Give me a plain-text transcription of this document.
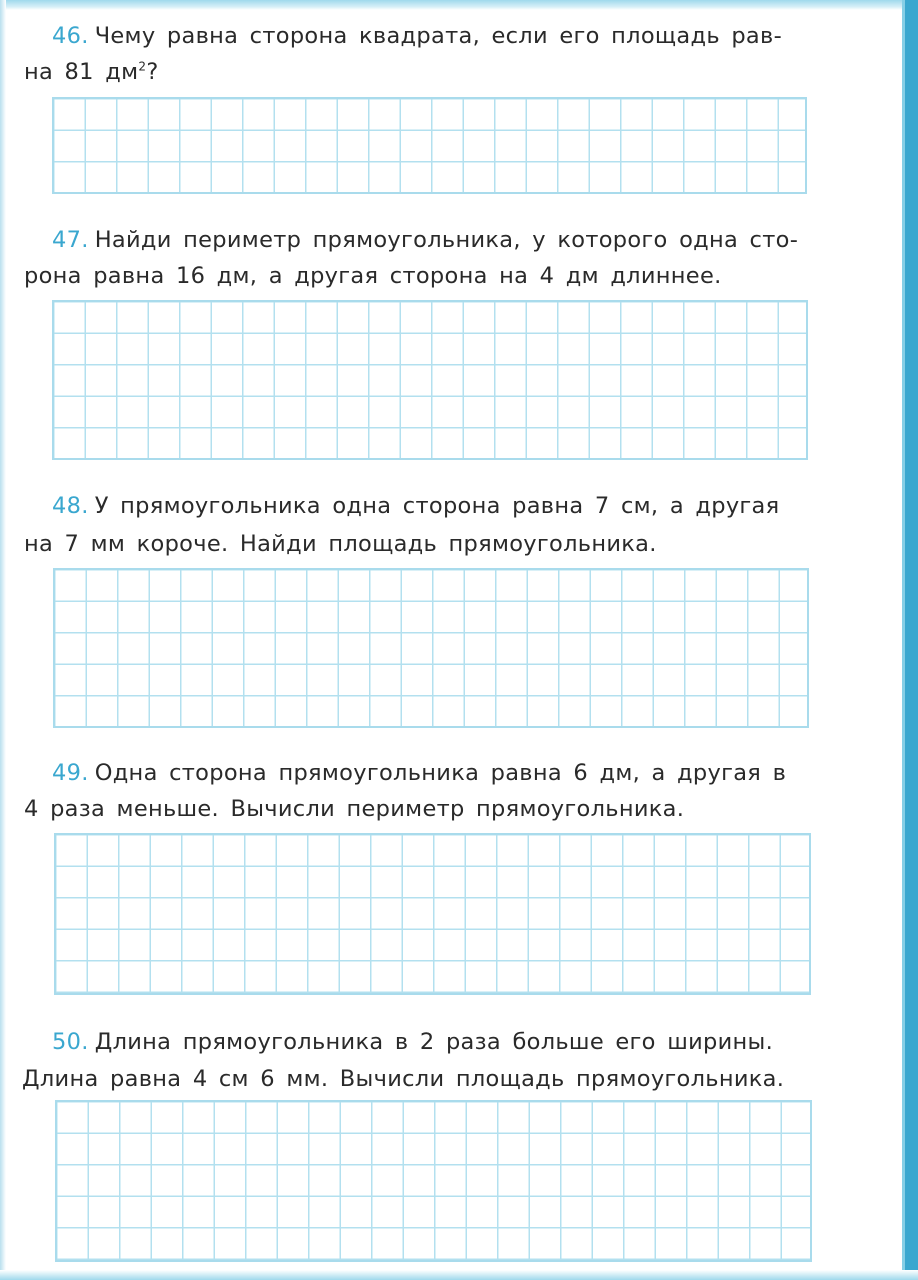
46. Чему равна сторона квадрата, если его площадь рав-

на 81 $дм^2$?

47. Найди периметр прямоугольника, у которого одна сто-

рона равна 16 дм, а другая сторона на 4 дм длиннее.

48. У прямоугольника одна сторона равна 7 см, а другая

на 7 мм короче. Найди площадь прямоугольника.

49. Одна сторона прямоугольника равна 6 дм, а другая в

4 раза меньше. Вычисли периметр прямоугольника.

50. Длина прямоугольника в 2 раза больше его ширины.

Длина равна 4 см 6 мм. Вычисли площадь прямоугольника.
